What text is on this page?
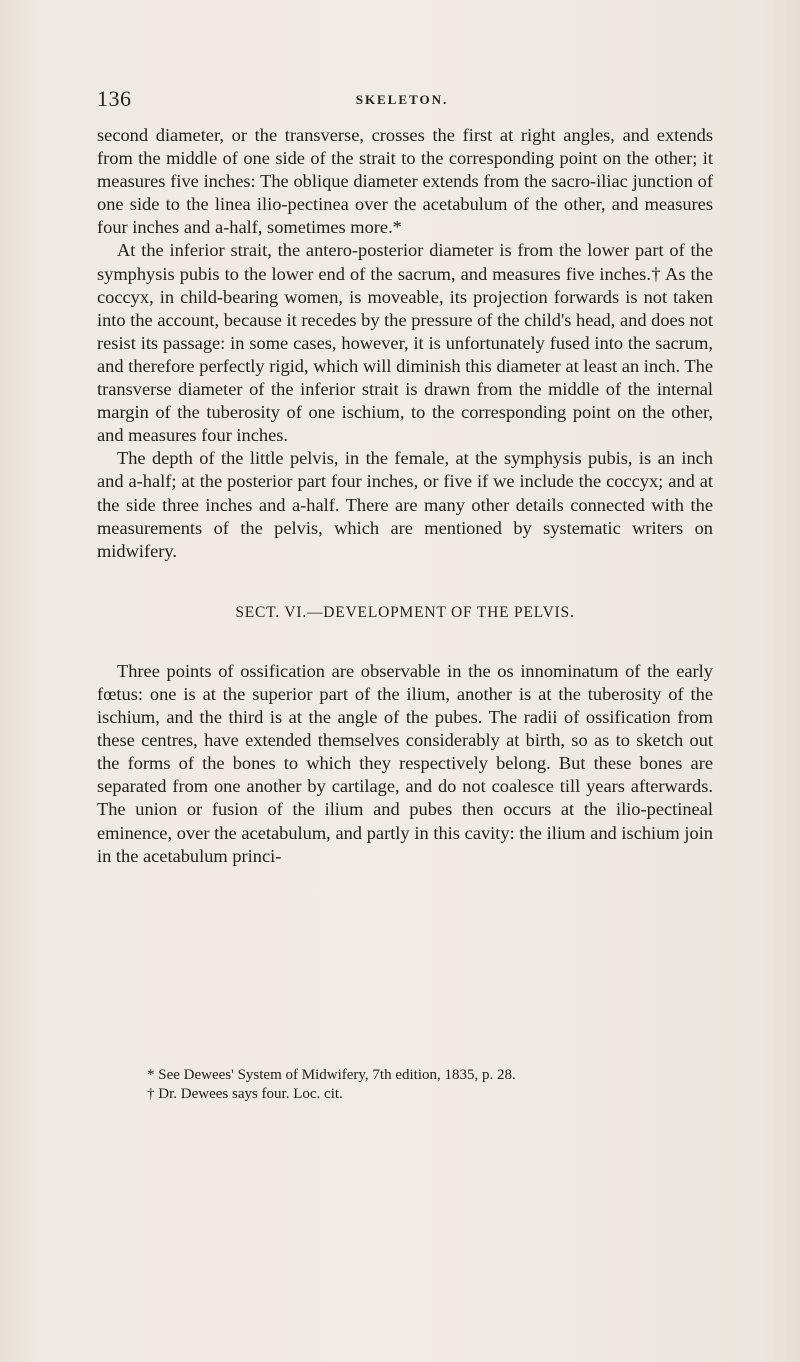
136	SKELETON.

second diameter, or the transverse, crosses the first at right angles, and extends from the middle of one side of the strait to the corresponding point on the other; it measures five inches: The oblique diameter extends from the sacro-iliac junction of one side to the linea ilio-pectinea over the acetabulum of the other, and measures four inches and a-half, sometimes more.*

At the inferior strait, the antero-posterior diameter is from the lower part of the symphysis pubis to the lower end of the sacrum, and measures five inches.† As the coccyx, in child-bearing women, is moveable, its projection forwards is not taken into the account, because it recedes by the pressure of the child's head, and does not resist its passage: in some cases, however, it is unfortunately fused into the sacrum, and therefore perfectly rigid, which will diminish this diameter at least an inch. The transverse diameter of the inferior strait is drawn from the middle of the internal margin of the tuberosity of one ischium, to the corresponding point on the other, and measures four inches.

The depth of the little pelvis, in the female, at the symphysis pubis, is an inch and a-half; at the posterior part four inches, or five if we include the coccyx; and at the side three inches and a-half. There are many other details connected with the measurements of the pelvis, which are mentioned by systematic writers on midwifery.

SECT. VI.—DEVELOPMENT OF THE PELVIS.

Three points of ossification are observable in the os innominatum of the early fœtus: one is at the superior part of the ilium, another is at the tuberosity of the ischium, and the third is at the angle of the pubes. The radii of ossification from these centres, have extended themselves considerably at birth, so as to sketch out the forms of the bones to which they respectively belong. But these bones are separated from one another by cartilage, and do not coalesce till years afterwards. The union or fusion of the ilium and pubes then occurs at the ilio-pectineal eminence, over the acetabulum, and partly in this cavity: the ilium and ischium join in the acetabulum princi-

* See Dewees' System of Midwifery, 7th edition, 1835, p. 28.
† Dr. Dewees says four. Loc. cit.
